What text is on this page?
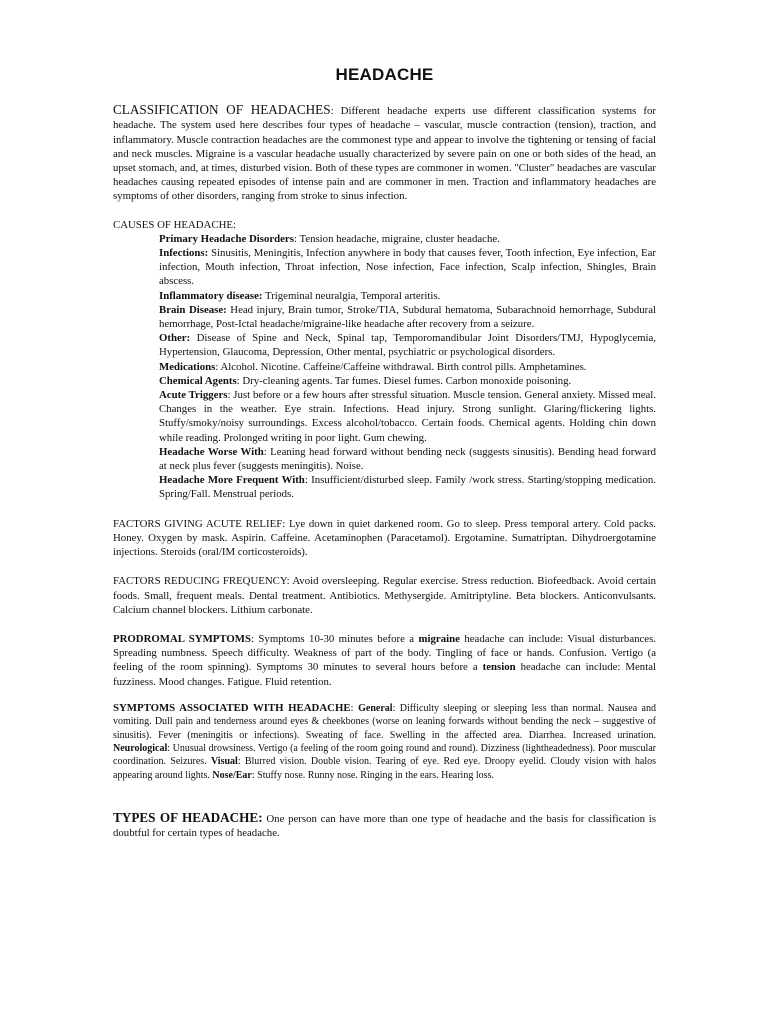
HEADACHE

CLASSIFICATION OF HEADACHES: Different headache experts use different classification systems for headache. The system used here describes four types of headache – vascular, muscle contraction (tension), traction, and inflammatory. Muscle contraction headaches are the commonest type and appear to involve the tightening or tensing of facial and neck muscles. Migraine is a vascular headache usually characterized by severe pain on one or both sides of the head, an upset stomach, and, at times, disturbed vision. Both of these types are commoner in women. "Cluster" headaches are vascular headaches causing repeated episodes of intense pain and are commoner in men. Traction and inflammatory headaches are symptoms of other disorders, ranging from stroke to sinus infection.

CAUSES OF HEADACHE:

Primary Headache Disorders: Tension headache, migraine, cluster headache.

Infections: Sinusitis, Meningitis, Infection anywhere in body that causes fever, Tooth infection, Eye infection, Ear infection, Mouth infection, Throat infection, Nose infection, Face infection, Scalp infection, Shingles, Brain abscess.

Inflammatory disease: Trigeminal neuralgia, Temporal arteritis.

Brain Disease: Head injury, Brain tumor, Stroke/TIA, Subdural hematoma, Subarachnoid hemorrhage, Subdural hemorrhage, Post-Ictal headache/migraine-like headache after recovery from a seizure.

Other: Disease of Spine and Neck, Spinal tap, Temporomandibular Joint Disorders/TMJ, Hypoglycemia, Hypertension, Glaucoma, Depression, Other mental, psychiatric or psychological disorders.

Medications: Alcohol. Nicotine. Caffeine/Caffeine withdrawal. Birth control pills. Amphetamines.

Chemical Agents: Dry-cleaning agents. Tar fumes. Diesel fumes. Carbon monoxide poisoning.

Acute Triggers: Just before or a few hours after stressful situation. Muscle tension. General anxiety. Missed meal. Changes in the weather. Eye strain. Infections. Head injury. Strong sunlight. Glaring/flickering lights. Stuffy/smoky/noisy surroundings. Excess alcohol/tobacco. Certain foods. Chemical agents. Holding chin down while reading. Prolonged writing in poor light. Gum chewing.

Headache Worse With: Leaning head forward without bending neck (suggests sinusitis). Bending head forward at neck plus fever (suggests meningitis). Noise.

Headache More Frequent With: Insufficient/disturbed sleep. Family /work stress. Starting/stopping medication. Spring/Fall. Menstrual periods.

FACTORS GIVING ACUTE RELIEF: Lye down in quiet darkened room. Go to sleep. Press temporal artery. Cold packs. Honey. Oxygen by mask. Aspirin. Caffeine. Acetaminophen (Paracetamol). Ergotamine. Sumatriptan. Dihydroergotamine injections. Steroids (oral/IM corticosteroids).

FACTORS REDUCING FREQUENCY: Avoid oversleeping. Regular exercise. Stress reduction. Biofeedback. Avoid certain foods. Small, frequent meals. Dental treatment. Antibiotics. Methysergide. Amitriptyline. Beta blockers. Anticonvulsants. Calcium channel blockers. Lithium carbonate.

PRODROMAL SYMPTOMS: Symptoms 10-30 minutes before a migraine headache can include: Visual disturbances. Spreading numbness. Speech difficulty. Weakness of part of the body. Tingling of face or hands. Confusion. Vertigo (a feeling of the room spinning). Symptoms 30 minutes to several hours before a tension headache can include: Mental fuzziness. Mood changes. Fatigue. Fluid retention.

SYMPTOMS ASSOCIATED WITH HEADACHE: General: Difficulty sleeping or sleeping less than normal. Nausea and vomiting. Dull pain and tenderness around eyes & cheekbones (worse on leaning forwards without bending the neck – suggestive of sinusitis). Fever (meningitis or infections). Sweating of face. Swelling in the affected area. Diarrhea. Increased urination. Neurological: Unusual drowsiness. Vertigo (a feeling of the room going round and round). Dizziness (lightheadedness). Poor muscular coordination. Seizures. Visual: Blurred vision. Double vision. Tearing of eye. Red eye. Droopy eyelid. Cloudy vision with halos appearing around lights. Nose/Ear: Stuffy nose. Runny nose. Ringing in the ears. Hearing loss.

TYPES OF HEADACHE: One person can have more than one type of headache and the basis for classification is doubtful for certain types of headache.
